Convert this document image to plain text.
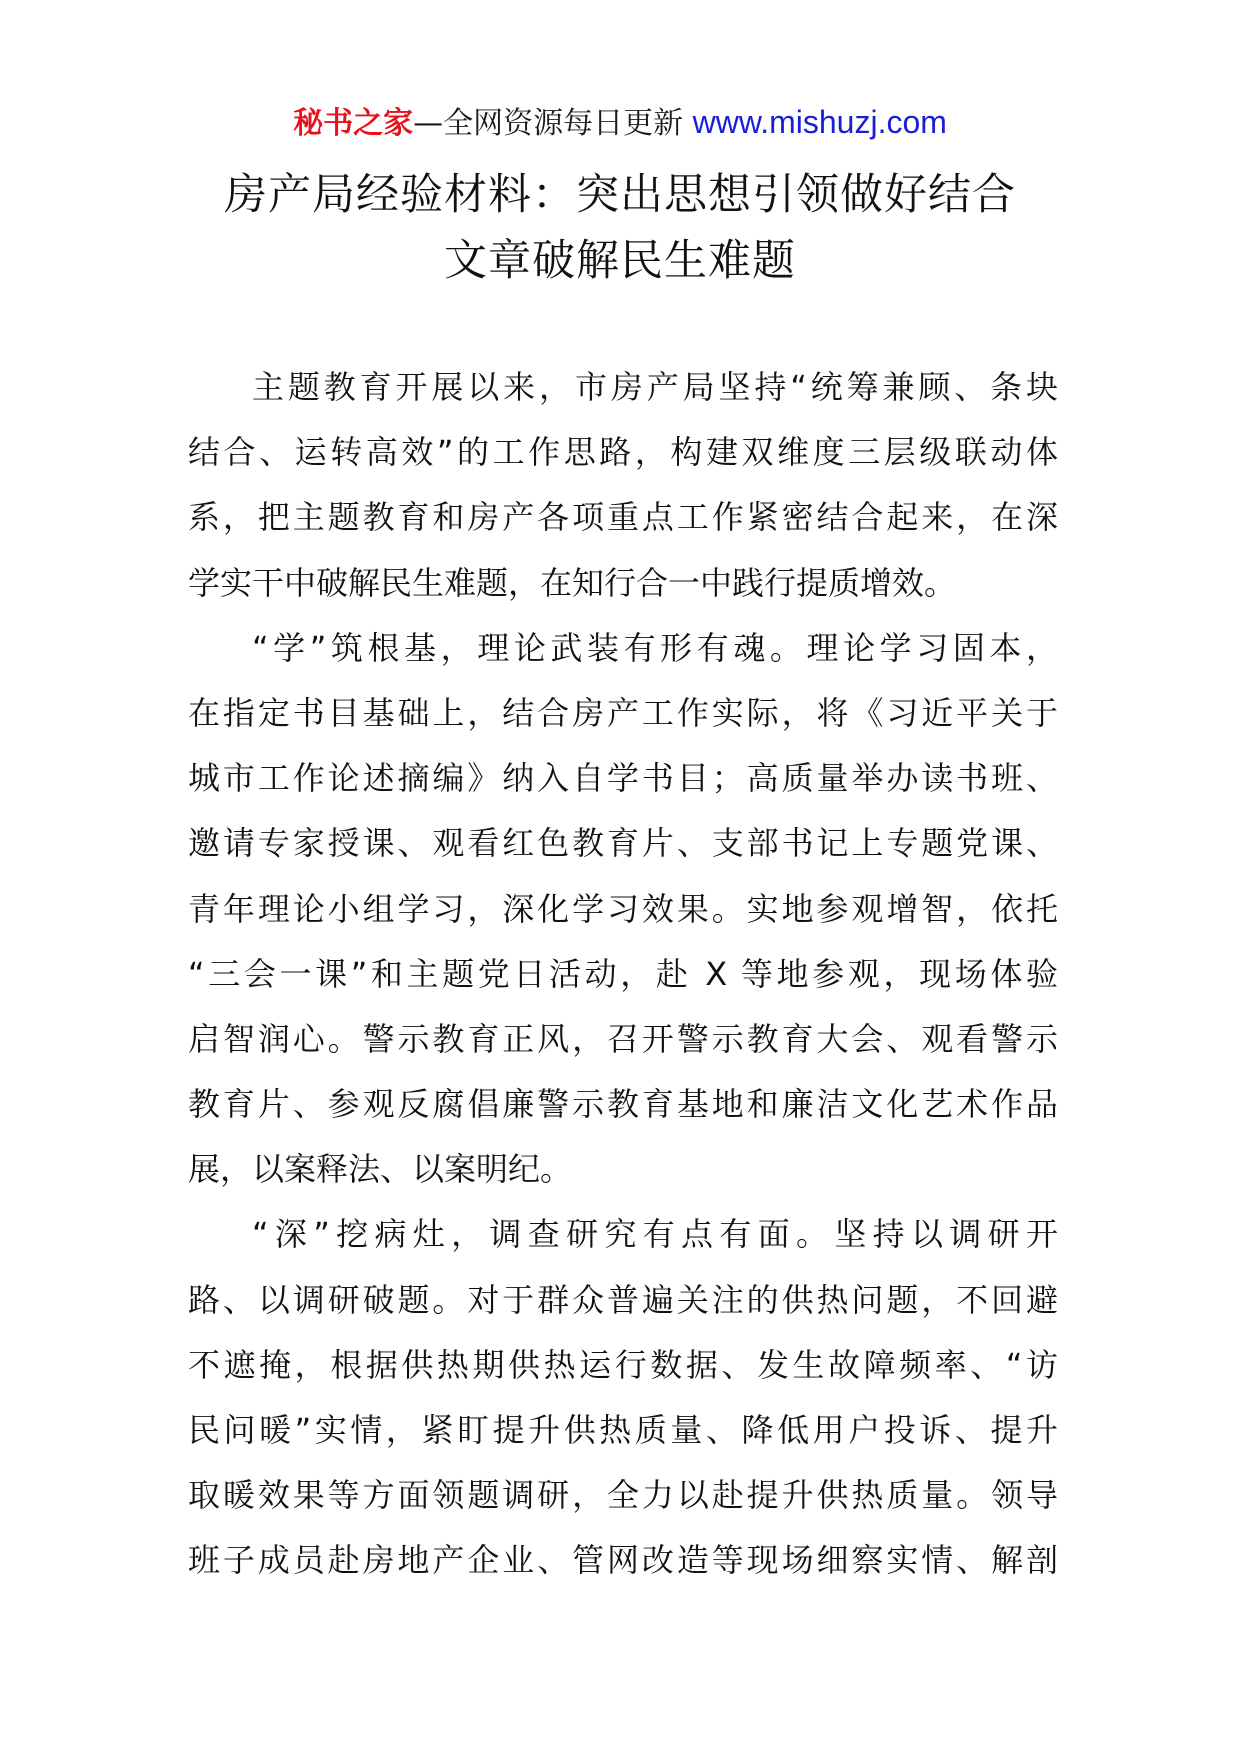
秘书之家—全网资源每日更新 www.mishuzj.com
房产局经验材料：突出思想引领做好结合
文章破解民生难题
主题教育开展以来，市房产局坚持“统筹兼顾、条块
结合、运转高效”的工作思路，构建双维度三层级联动体
系，把主题教育和房产各项重点工作紧密结合起来，在深
学实干中破解民生难题，在知行合一中践行提质增效。
“学”筑根基，理论武装有形有魂。理论学习固本，
在指定书目基础上，结合房产工作实际，将《习近平关于
城市工作论述摘编》纳入自学书目；高质量举办读书班、
邀请专家授课、观看红色教育片、支部书记上专题党课、
青年理论小组学习，深化学习效果。实地参观增智，依托
“三会一课”和主题党日活动，赴 X 等地参观，现场体验
启智润心。警示教育正风，召开警示教育大会、观看警示
教育片、参观反腐倡廉警示教育基地和廉洁文化艺术作品
展，以案释法、以案明纪。
“深”挖病灶，调查研究有点有面。坚持以调研开
路、以调研破题。对于群众普遍关注的供热问题，不回避
不遮掩，根据供热期供热运行数据、发生故障频率、“访
民问暖”实情，紧盯提升供热质量、降低用户投诉、提升
取暖效果等方面领题调研，全力以赴提升供热质量。领导
班子成员赴房地产企业、管网改造等现场细察实情、解剖
